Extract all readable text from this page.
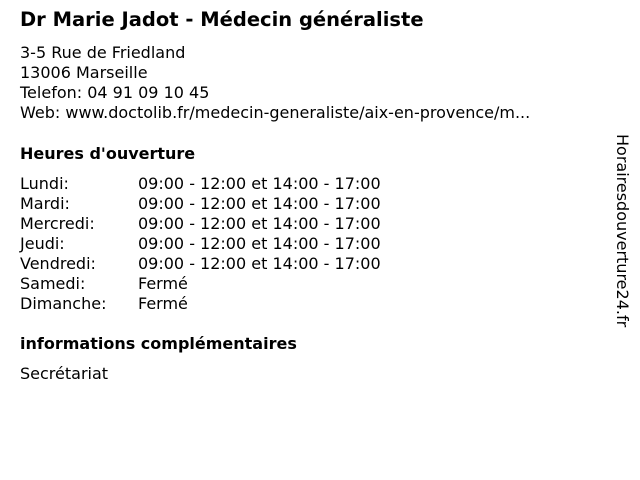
Dr Marie Jadot - Médecin généraliste
3-5 Rue de Friedland
13006 Marseille
Telefon: 04 91 09 10 45
Web: www.doctolib.fr/medecin-generaliste/aix-en-provence/m...
Heures d'ouverture
Lundi:	09:00 - 12:00 et 14:00 - 17:00
Mardi:	09:00 - 12:00 et 14:00 - 17:00
Mercredi:	09:00 - 12:00 et 14:00 - 17:00
Jeudi:	09:00 - 12:00 et 14:00 - 17:00
Vendredi:	09:00 - 12:00 et 14:00 - 17:00
Samedi:	Fermé
Dimanche:	Fermé
informations complémentaires
Secrétariat
Horairesdouverture24.fr
